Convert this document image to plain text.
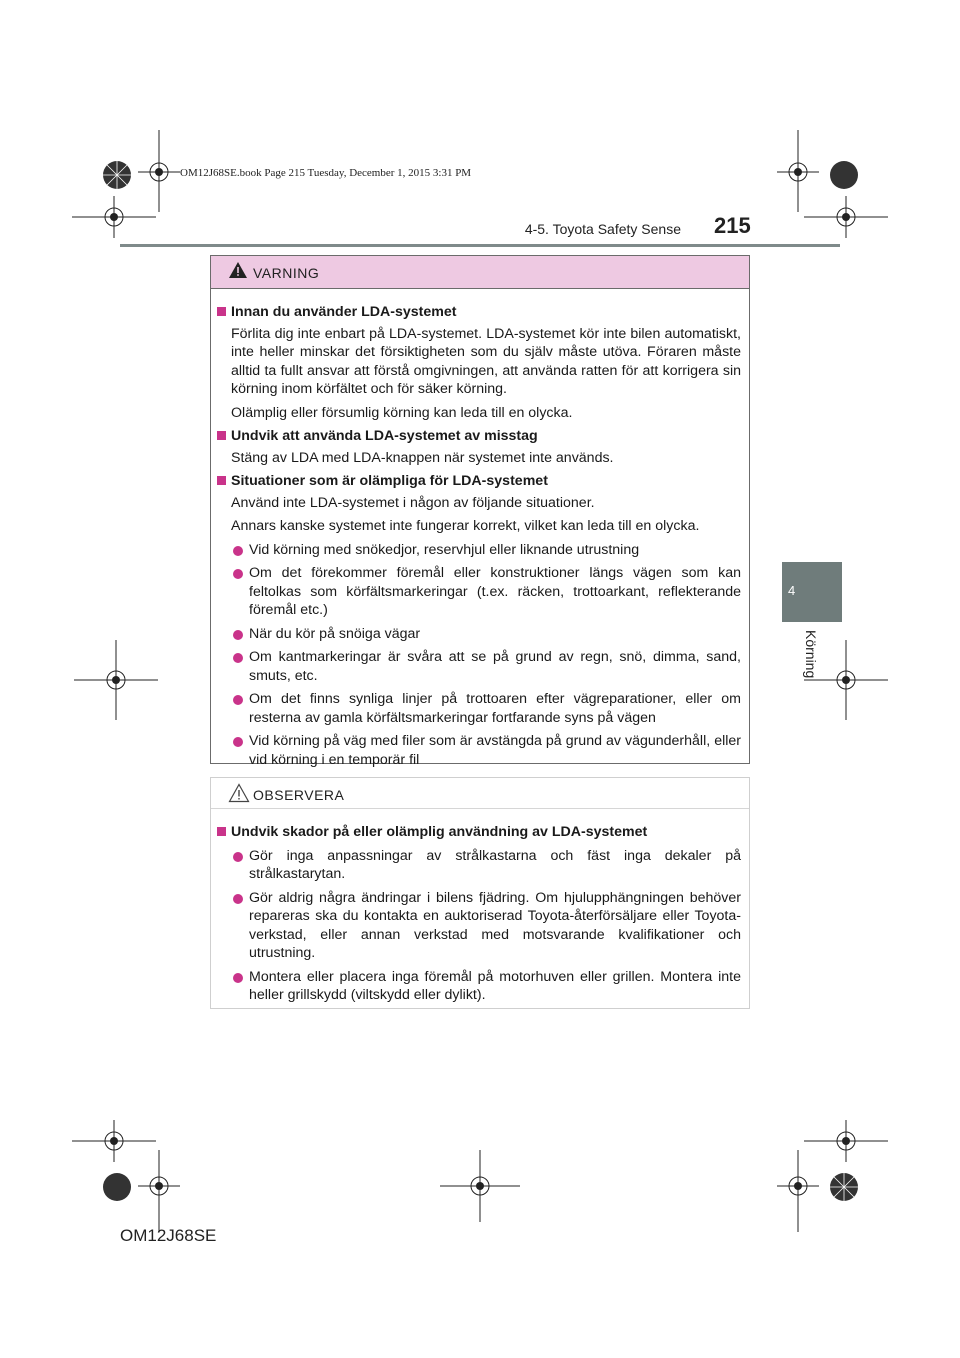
OM12J68SE.book Page 215 Tuesday, December 1, 2015 3:31 PM
4-5. Toyota Safety Sense 215
4
Körning
VARNING
Innan du använder LDA-systemet
Förlita dig inte enbart på LDA-systemet. LDA-systemet kör inte bilen automatiskt, inte heller minskar det försiktigheten som du själv måste utöva. Föraren måste alltid ta fullt ansvar att förstå omgivningen, att använda ratten för att korrigera sin körning inom körfältet och för säker körning.
Olämplig eller försumlig körning kan leda till en olycka.
Undvik att använda LDA-systemet av misstag
Stäng av LDA med LDA-knappen när systemet inte används.
Situationer som är olämpliga för LDA-systemet
Använd inte LDA-systemet i någon av följande situationer.
Annars kanske systemet inte fungerar korrekt, vilket kan leda till en olycka.
Vid körning med snökedjor, reservhjul eller liknande utrustning
Om det förekommer föremål eller konstruktioner längs vägen som kan feltolkas som körfältsmarkeringar (t.ex. räcken, trottoarkant, reflekterande föremål etc.)
När du kör på snöiga vägar
Om kantmarkeringar är svåra att se på grund av regn, snö, dimma, sand, smuts, etc.
Om det finns synliga linjer på trottoaren efter vägreparationer, eller om resterna av gamla körfältsmarkeringar fortfarande syns på vägen
Vid körning på väg med filer som är avstängda på grund av vägunderhåll, eller vid körning i en temporär fil
OBSERVERA
Undvik skador på eller olämplig användning av LDA-systemet
Gör inga anpassningar av strålkastarna och fäst inga dekaler på strålkastarytan.
Gör aldrig några ändringar i bilens fjädring. Om hjulupphängningen behöver repareras ska du kontakta en auktoriserad Toyota-återförsäljare eller Toyota-verkstad, eller annan verkstad med motsvarande kvalifikationer och utrustning.
Montera eller placera inga föremål på motorhuven eller grillen. Montera inte heller grillskydd (viltskydd eller dylikt).
OM12J68SE
